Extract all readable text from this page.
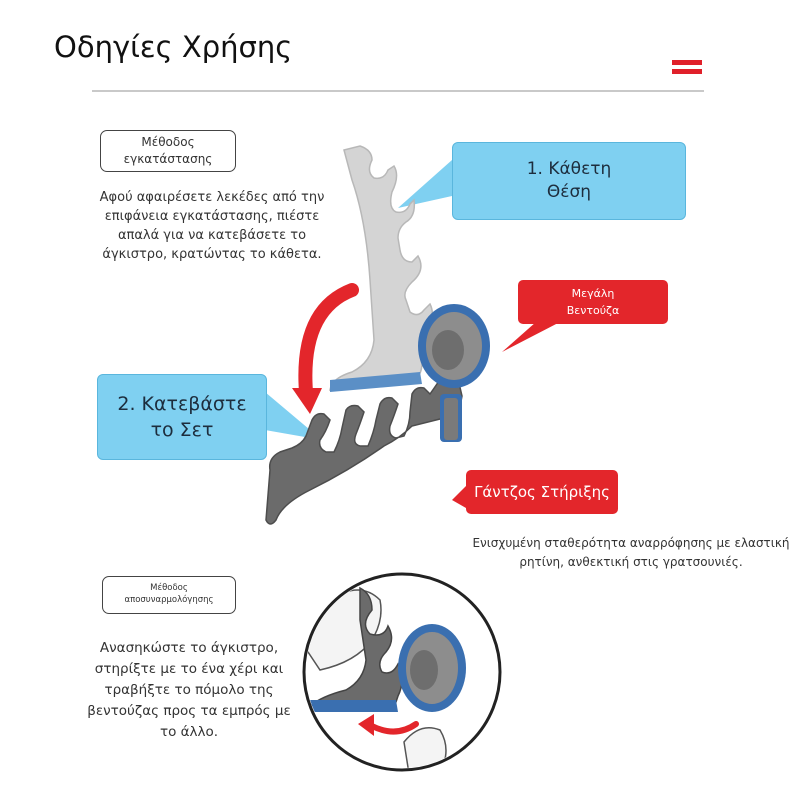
Οδηγίες Χρήσης
Μέθοδος
εγκατάστασης
Αφού αφαιρέσετε λεκέδες από την επιφάνεια εγκατάστασης, πιέστε απαλά για να κατεβάσετε το άγκιστρο, κρατώντας το κάθετα.
1. Κάθετη
Θέση
2. Κατεβάστε
το Σετ
Μεγάλη
Βεντούζα
Γάντζος Στήριξης
Ενισχυμένη σταθερότητα αναρρόφησης με ελαστική ρητίνη, ανθεκτική στις γρατσουνιές.
Μέθοδος
αποσυναρμολόγησης
Ανασηκώστε το άγκιστρο, στηρίξτε με το ένα χέρι και τραβήξτε το πόμολο της βεντούζας προς τα εμπρός με το άλλο.
